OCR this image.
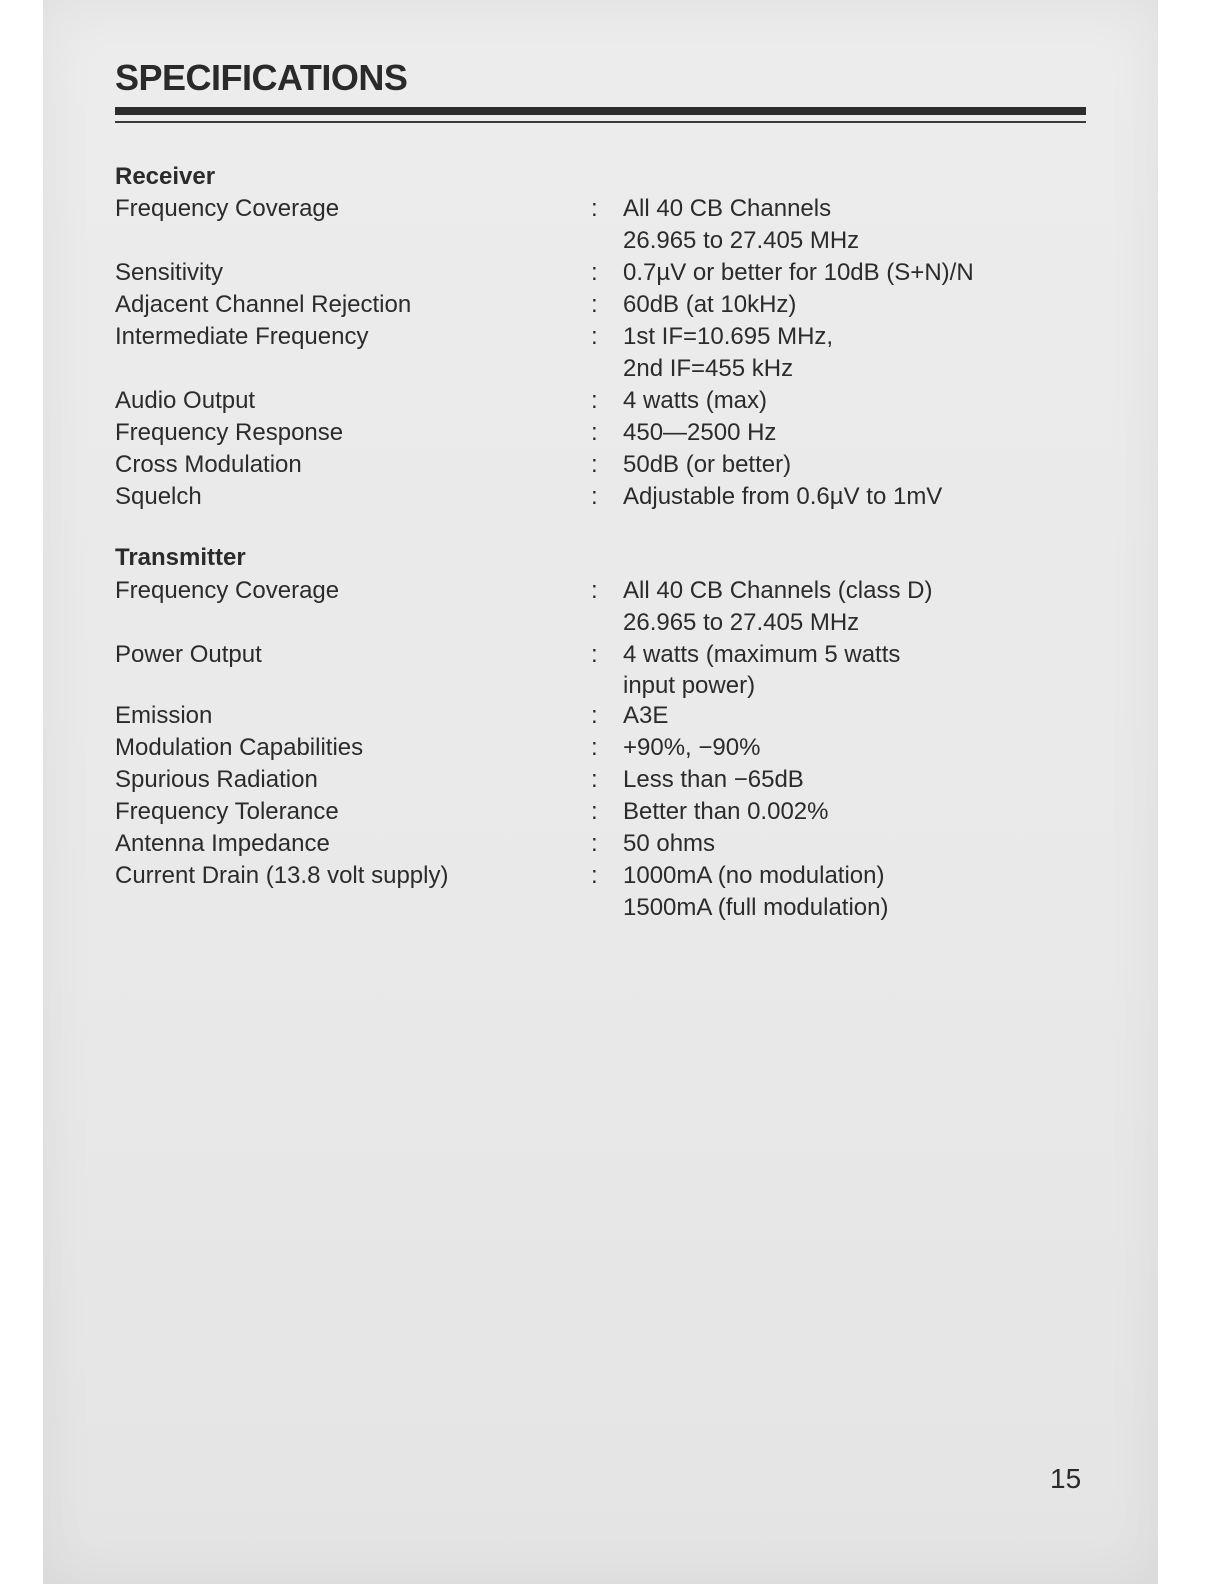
SPECIFICATIONS
Receiver
Frequency Coverage	: All 40 CB Channels
26.965 to 27.405 MHz
Sensitivity	: 0.7µV or better for 10dB (S+N)/N
Adjacent Channel Rejection	: 60dB (at 10kHz)
Intermediate Frequency	: 1st IF=10.695 MHz,
2nd IF=455 kHz
Audio Output	: 4 watts (max)
Frequency Response	: 450—2500 Hz
Cross Modulation	: 50dB (or better)
Squelch	: Adjustable from 0.6µV to 1mV
Transmitter
Frequency Coverage	: All 40 CB Channels (class D)
26.965 to 27.405 MHz
Power Output	: 4 watts (maximum 5 watts
input power)
Emission	: A3E
Modulation Capabilities	: +90%, −90%
Spurious Radiation	: Less than −65dB
Frequency Tolerance	: Better than 0.002%
Antenna Impedance	: 50 ohms
Current Drain (13.8 volt supply)	: 1000mA (no modulation)
1500mA (full modulation)
15
